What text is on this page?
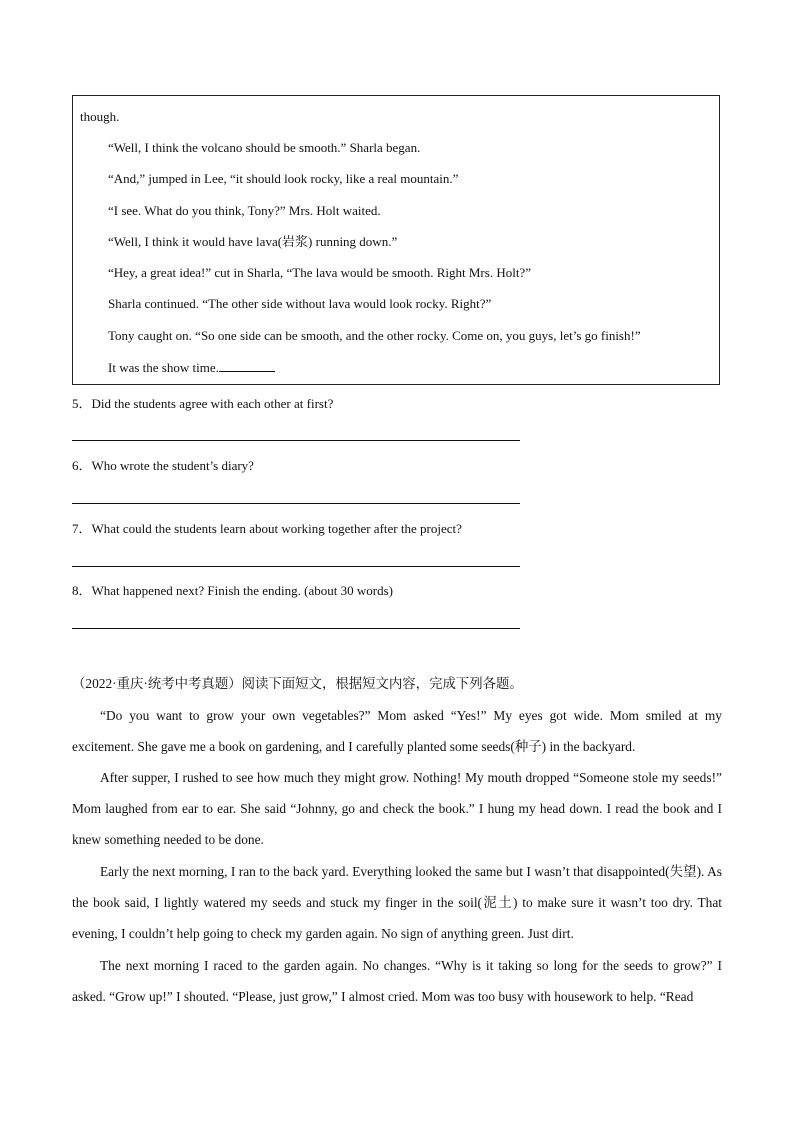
though.
“Well, I think the volcano should be smooth.” Sharla began.
“And,” jumped in Lee, “it should look rocky, like a real mountain.”
“I see. What do you think, Tony?” Mrs. Holt waited.
“Well, I think it would have lava(岩浆) running down.”
“Hey, a great idea!” cut in Sharla, “The lava would be smooth. Right Mrs. Holt?”
Sharla continued. “The other side without lava would look rocky. Right?”
Tony caught on. “So one side can be smooth, and the other rocky. Come on, you guys, let’s go finish!”
It was the show time.
5．Did the students agree with each other at first?
6．Who wrote the student’s diary?
7．What could the students learn about working together after the project?
8．What happened next? Finish the ending. (about 30 words)
（2022·重庆·统考中考真题）阅读下面短文，根据短文内容，完成下列各题。

“Do you want to grow your own vegetables?” Mom asked “Yes!” My eyes got wide. Mom smiled at my excitement. She gave me a book on gardening, and I carefully planted some seeds(种子) in the backyard.

After supper, I rushed to see how much they might grow. Nothing! My mouth dropped “Someone stole my seeds!” Mom laughed from ear to ear. She said “Johnny, go and check the book.” I hung my head down. I read the book and I knew something needed to be done.

Early the next morning, I ran to the back yard. Everything looked the same but I wasn’t that disappointed(失望). As the book said, I lightly watered my seeds and stuck my finger in the soil(泥土) to make sure it wasn’t too dry. That evening, I couldn’t help going to check my garden again. No sign of anything green. Just dirt.

The next morning I raced to the garden again. No changes. “Why is it taking so long for the seeds to grow?” I asked. “Grow up!” I shouted. “Please, just grow,” I almost cried. Mom was too busy with housework to help. “Read
